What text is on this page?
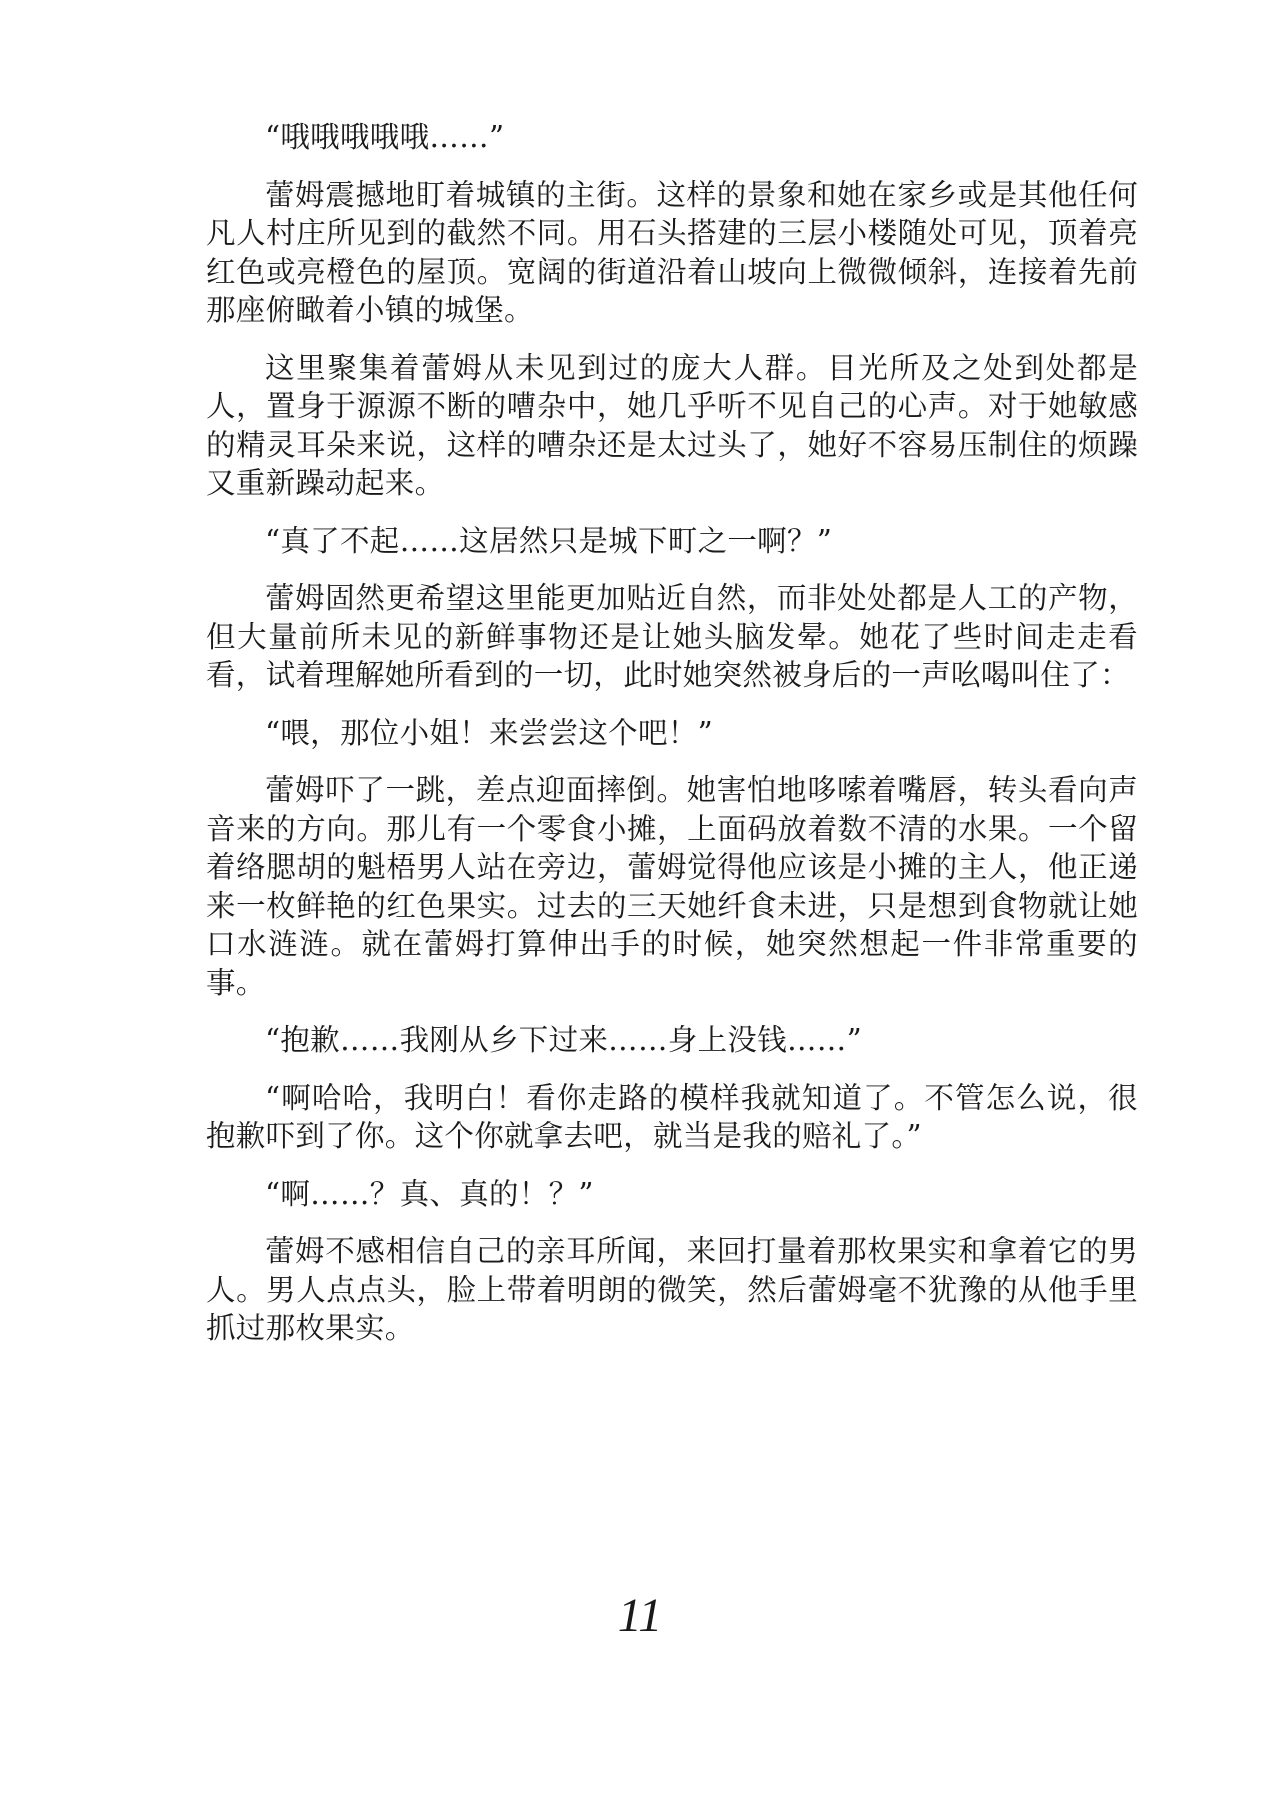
“哦哦哦哦哦……”

蕾姆震撼地盯着城镇的主街。这样的景象和她在家乡或是其他任何凡人村庄所见到的截然不同。用石头搭建的三层小楼随处可见，顶着亮红色或亮橙色的屋顶。宽阔的街道沿着山坡向上微微倾斜，连接着先前那座俯瞰着小镇的城堡。

这里聚集着蕾姆从未见到过的庞大人群。目光所及之处到处都是人，置身于源源不断的嘈杂中，她几乎听不见自己的心声。对于她敏感的精灵耳朵来说，这样的嘈杂还是太过头了，她好不容易压制住的烦躁又重新躁动起来。

“真了不起……这居然只是城下町之一啊？”

蕾姆固然更希望这里能更加贴近自然，而非处处都是人工的产物，但大量前所未见的新鲜事物还是让她头脑发晕。她花了些时间走走看看，试着理解她所看到的一切，此时她突然被身后的一声吆喝叫住了：

“喂，那位小姐！来尝尝这个吧！”

蕾姆吓了一跳，差点迎面摔倒。她害怕地哆嗦着嘴唇，转头看向声音来的方向。那儿有一个零食小摊，上面码放着数不清的水果。一个留着络腮胡的魁梧男人站在旁边，蕾姆觉得他应该是小摊的主人，他正递来一枚鲜艳的红色果实。过去的三天她纤食未进，只是想到食物就让她口水涟涟。就在蕾姆打算伸出手的时候，她突然想起一件非常重要的事。

“抱歉……我刚从乡下过来……身上没钱……”

“啊哈哈，我明白！看你走路的模样我就知道了。不管怎么说，很抱歉吓到了你。这个你就拿去吧，就当是我的赔礼了。”

“啊……？真、真的！？”

蕾姆不感相信自己的亲耳所闻，来回打量着那枚果实和拿着它的男人。男人点点头，脸上带着明朗的微笑，然后蕾姆毫不犹豫的从他手里抓过那枚果实。

11
